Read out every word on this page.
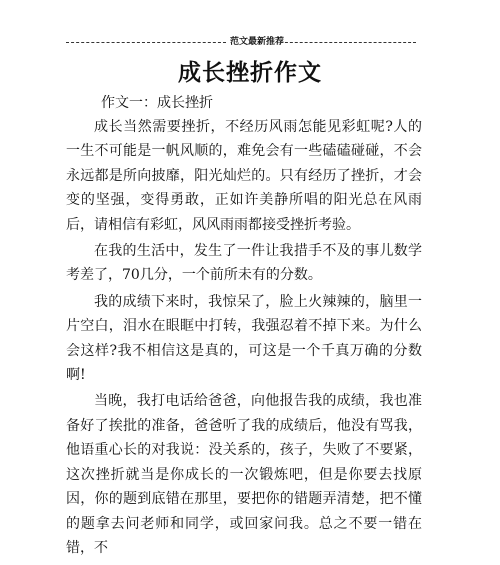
范文最新推荐
成长挫折作文
作文一：成长挫折

成长当然需要挫折，不经历风雨怎能见彩虹呢?人的一生不可能是一帆风顺的，难免会有一些磕磕碰碰，不会永远都是所向披靡，阳光灿烂的。只有经历了挫折，才会变的坚强，变得勇敢，正如许美静所唱的阳光总在风雨后，请相信有彩虹，风风雨雨都接受挫折考验。

在我的生活中，发生了一件让我措手不及的事儿数学考差了，70几分，一个前所未有的分数。

我的成绩下来时，我惊呆了，脸上火辣辣的，脑里一片空白，泪水在眼眶中打转，我强忍着不掉下来。为什么会这样?我不相信这是真的，可这是一个千真万确的分数啊!

当晚，我打电话给爸爸，向他报告我的成绩，我也准备好了挨批的准备，爸爸听了我的成绩后，他没有骂我，他语重心长的对我说：没关系的，孩子，失败了不要紧，这次挫折就当是你成长的一次锻炼吧，但是你要去找原因，你的题到底错在那里，要把你的错题弄清楚，把不懂的题拿去问老师和同学，或回家问我。总之不要一错在错，不
